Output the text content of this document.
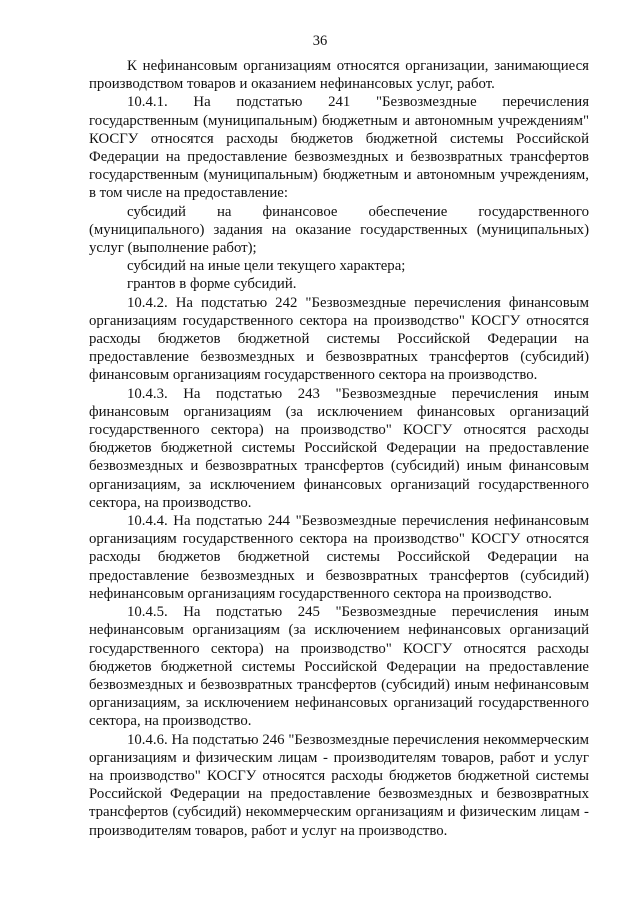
36

К нефинансовым организациям относятся организации, занимающиеся производством товаров и оказанием нефинансовых услуг, работ.

10.4.1. На подстатью 241 "Безвозмездные перечисления государственным (муниципальным) бюджетным и автономным учреждениям" КОСГУ относятся расходы бюджетов бюджетной системы Российской Федерации на предоставление безвозмездных и безвозвратных трансфертов государственным (муниципальным) бюджетным и автономным учреждениям, в том числе на предоставление:

субсидий на финансовое обеспечение государственного (муниципального) задания на оказание государственных (муниципальных) услуг (выполнение работ);

субсидий на иные цели текущего характера;

грантов в форме субсидий.

10.4.2. На подстатью 242 "Безвозмездные перечисления финансовым организациям государственного сектора на производство" КОСГУ относятся расходы бюджетов бюджетной системы Российской Федерации на предоставление безвозмездных и безвозвратных трансфертов (субсидий) финансовым организациям государственного сектора на производство.

10.4.3. На подстатью 243 "Безвозмездные перечисления иным финансовым организациям (за исключением финансовых организаций государственного сектора) на производство" КОСГУ относятся расходы бюджетов бюджетной системы Российской Федерации на предоставление безвозмездных и безвозвратных трансфертов (субсидий) иным финансовым организациям, за исключением финансовых организаций государственного сектора, на производство.

10.4.4. На подстатью 244 "Безвозмездные перечисления нефинансовым организациям государственного сектора на производство" КОСГУ относятся расходы бюджетов бюджетной системы Российской Федерации на предоставление безвозмездных и безвозвратных трансфертов (субсидий) нефинансовым организациям государственного сектора на производство.

10.4.5. На подстатью 245 "Безвозмездные перечисления иным нефинансовым организациям (за исключением нефинансовых организаций государственного сектора) на производство" КОСГУ относятся расходы бюджетов бюджетной системы Российской Федерации на предоставление безвозмездных и безвозвратных трансфертов (субсидий) иным нефинансовым организациям, за исключением нефинансовых организаций государственного сектора, на производство.

10.4.6. На подстатью 246 "Безвозмездные перечисления некоммерческим организациям и физическим лицам - производителям товаров, работ и услуг на производство" КОСГУ относятся расходы бюджетов бюджетной системы Российской Федерации на предоставление безвозмездных и безвозвратных трансфертов (субсидий) некоммерческим организациям и физическим лицам - производителям товаров, работ и услуг на производство.
